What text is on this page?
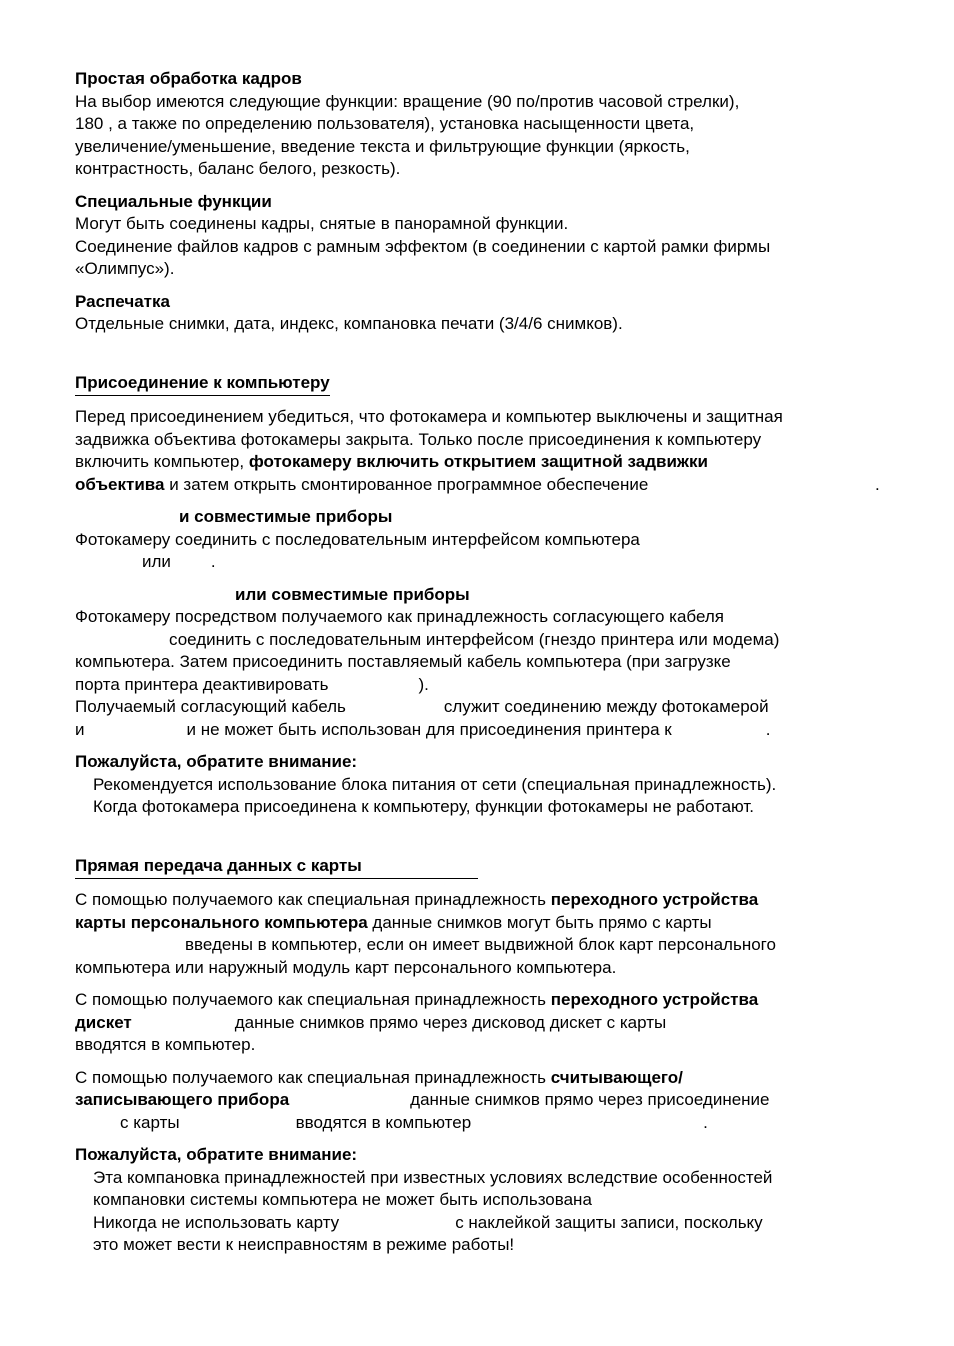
Простая обработка кадров

На выбор имеются следующие функции: вращение (90 по/против часовой стрелки),

180 , а также по определению пользователя), установка насыщенности цвета,

увеличение/уменьшение, введение текста и фильтрующие функции (яркость,

контрастность, баланс белого, резкость).

Специальные функции

Могут быть соединены кадры, снятые в панорамной функции.

Соединение файлов кадров с рамным эффектом (в соединении с картой рамки фирмы

«Олимпус»).

Распечатка

Отдельные снимки, дата, индекс, компановка печати (3/4/6 снимков).

Присоединение к компьютеру

Перед присоединением убедиться, что фотокамера и компьютер выключены и защитная

задвижка объектива фотокамеры закрыта. Только после присоединения к компьютеру

включить компьютер, фотокамеру включить открытием защитной задвижки

объектива и затем открыть смонтированное программное обеспечение	.

и совместимые приборы

Фотокамеру соединить с последовательным интерфейсом компьютера

или .

или совместимые приборы

Фотокамеру посредством получаемого как принадлежность согласующего кабеля

соединить с последовательным интерфейсом (гнездо принтера или модема)

компьютера. Затем присоединить поставляемый кабель компьютера (при загрузке

порта принтера деактивировать	).

Получаемый согласующий кабель	служит соединению между фотокамерой

и	и не может быть использован для присоединения принтера к	.

Пожалуйста, обратите внимание:

Рекомендуется использование блока питания от сети (специальная принадлежность).

Когда фотокамера присоединена к компьютеру, функции фотокамеры не работают.

Прямая передача данных с карты

С помощью получаемого как специальная принадлежность переходного устройства

карты персонального компьютера данные снимков могут быть прямо с карты

введены в компьютер, если он имеет выдвижной блок карт персонального

компьютера или наружный модуль карт персонального компьютера.

С помощью получаемого как специальная принадлежность переходного устройства

дискет	данные снимков прямо через дисковод дискет с карты

вводятся в компьютер.

С помощью получаемого как специальная принадлежность считывающего/

записывающего прибора	данные снимков прямо через присоединение

с карты	вводятся в компьютер	.

Пожалуйста, обратите внимание:

Эта компановка принадлежностей при известных условиях вследствие особенностей

компановки системы компьютера не может быть использована

Никогда не использовать карту	с наклейкой защиты записи, поскольку

это может вести к неисправностям в режиме работы!
